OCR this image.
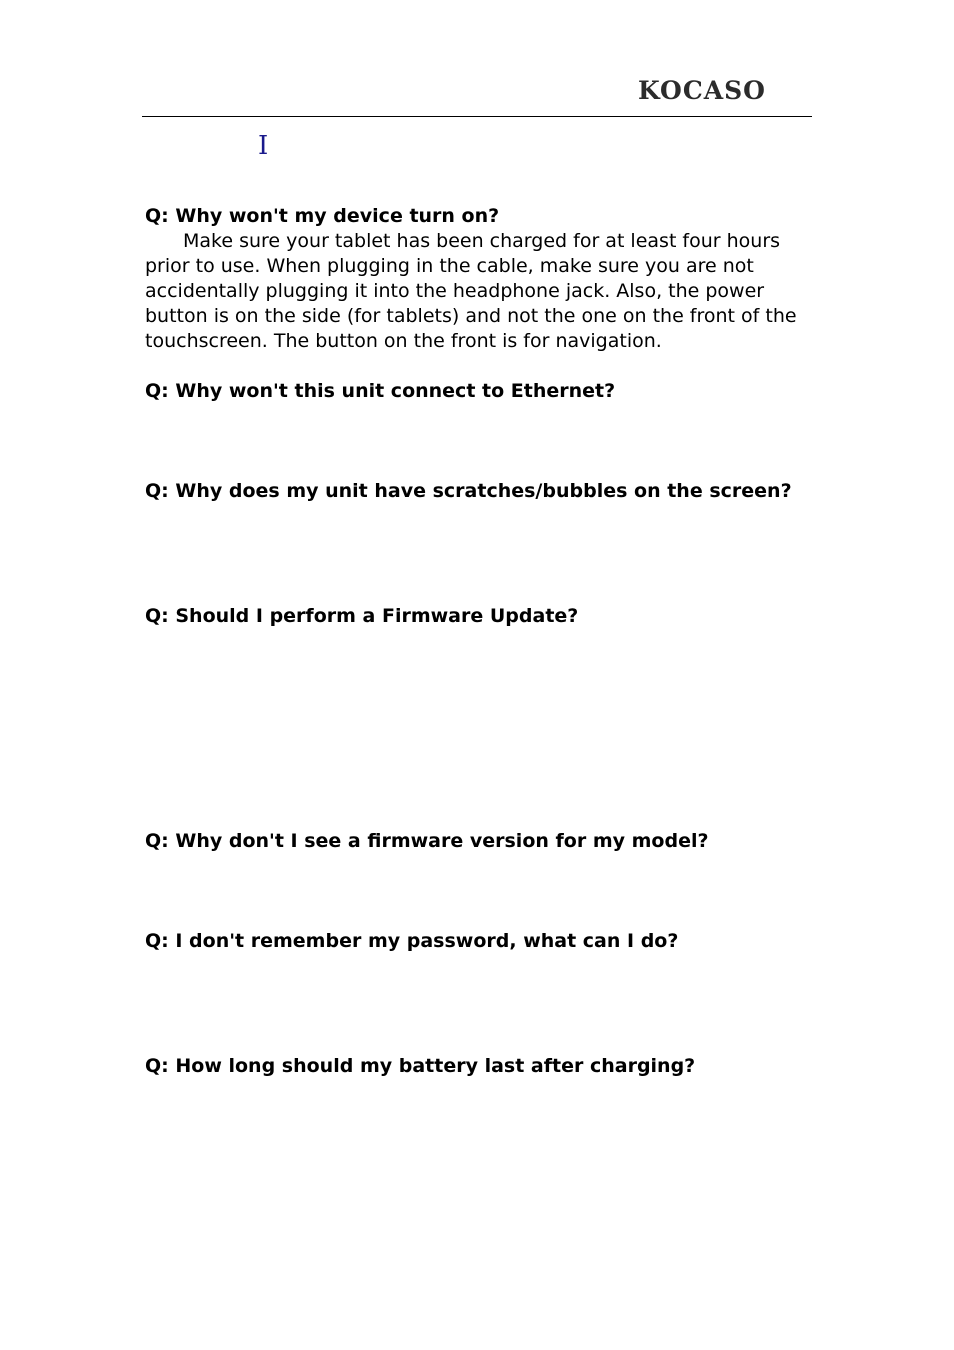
KOCASO
I
Q: Why won't my device turn on?
Make sure your tablet has been charged for at least four hours prior to use. When plugging in the cable, make sure you are not accidentally plugging it into the headphone jack. Also, the power button is on the side (for tablets) and not the one on the front of the touchscreen. The button on the front is for navigation.
Q: Why won't this unit connect to Ethernet?
Q: Why does my unit have scratches/bubbles on the screen?
Q: Should I perform a Firmware Update?
Q: Why don't I see a firmware version for my model?
Q: I don't remember my password, what can I do?
Q: How long should my battery last after charging?
